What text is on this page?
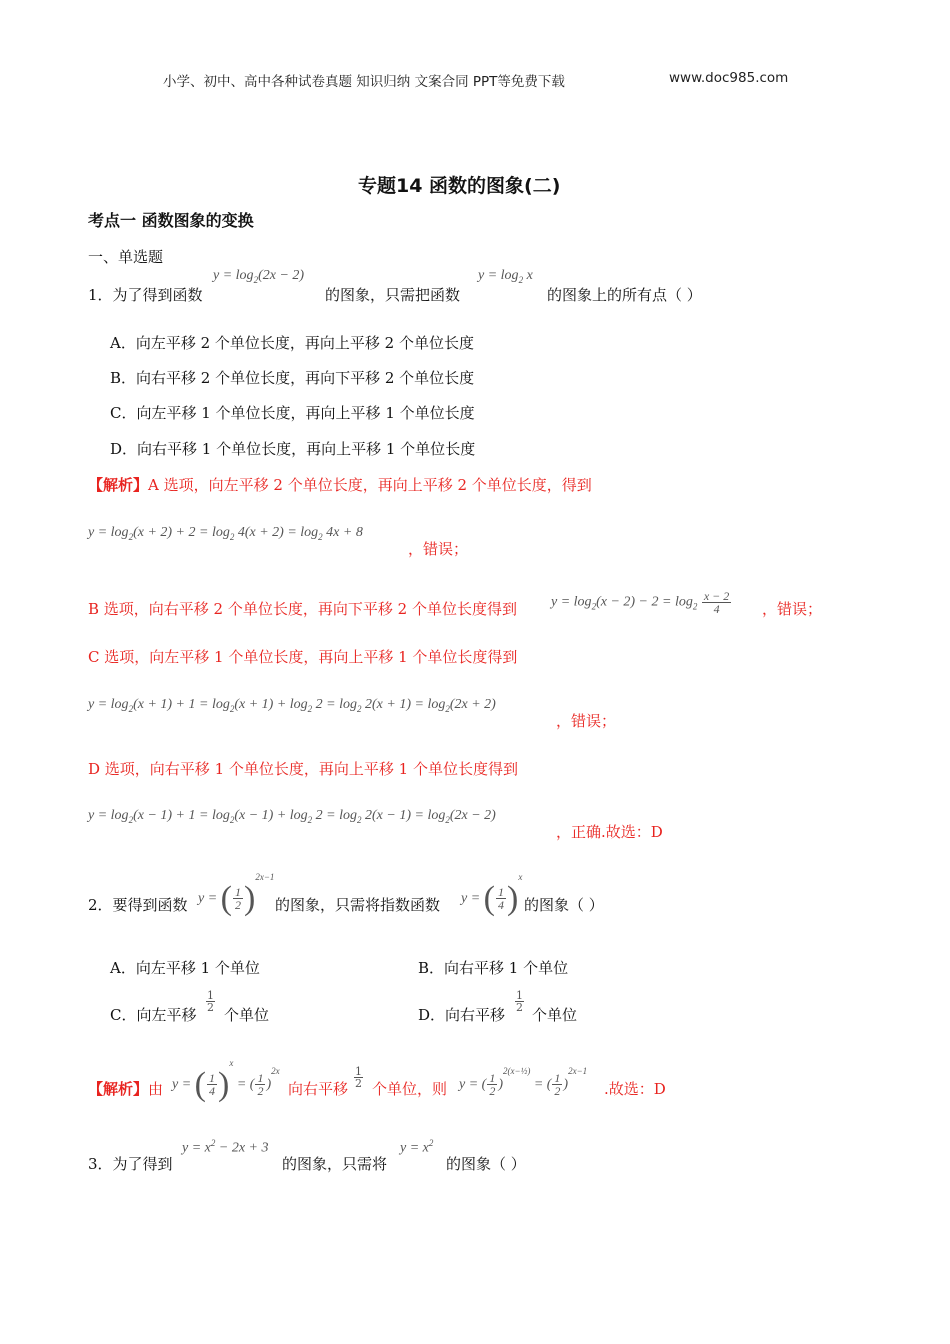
小学、初中、高中各种试卷真题 知识归纳 文案合同 PPT等免费下载	www.doc985.com
专题14 函数的图象(二)
考点一 函数图象的变换
一、单选题
1．为了得到函数
$y = \log_2(2x - 2)$
的图象，只需把函数
$y = \log_2 x$
的图象上的所有点（ ）
A．向左平移 2 个单位长度，再向上平移 2 个单位长度
B．向右平移 2 个单位长度，再向下平移 2 个单位长度
C．向左平移 1 个单位长度，再向上平移 1 个单位长度
D．向右平移 1 个单位长度，再向上平移 1 个单位长度
【解析】A 选项，向左平移 2 个单位长度，再向上平移 2 个单位长度，得到
$y = \log_2(x + 2) + 2 = \log_2 4(x + 2) = \log_2 4x + 8$
，错误；
B 选项，向右平移 2 个单位长度，再向下平移 2 个单位长度得到 $y = \log_2(x - 2) - 2 = \log_2 \frac{x - 2}{4}$ ，错误；
C 选项，向左平移 1 个单位长度，再向上平移 1 个单位长度得到
$y = \log_2(x + 1) + 1 = \log_2(x + 1) + \log_2 2 = \log_2 2(x + 1) = \log_2(2x + 2)$
，错误；
D 选项，向右平移 1 个单位长度，再向上平移 1 个单位长度得到
$y = \log_2(x - 1) + 1 = \log_2(x - 1) + \log_2 2 = \log_2 2(x - 1) = \log_2(2x - 2)$
，正确.故选：D
2．要得到函数 y = ( $\frac{1}{2} )^{2x-1}$
的图象，只需将指数函数 y = ( $\frac{1}{4} )^x$
的图象（ ）
A．向左平移 1 个单位	B．向右平移 1 个单位
C．向左平移
$\frac{1}{2}$
个单位	D．向右平移
$\frac{1}{2}$
个单位
【解析】由 y = ( $\frac{1}{4} )^x$ = ( $\frac{1}{2} )^{2x}$
向右平移 $\frac{1}{2}$ 个单位，则 y = ( $\frac{1}{2} )^{2(x-\frac{1}{2})}$ = ( $\frac{1}{2} )^{2x-1}$
.故选：D
3．为了得到
$y = x^2 - 2x + 3$
的图象，只需将
$y = x^2$
的图象（ ）
